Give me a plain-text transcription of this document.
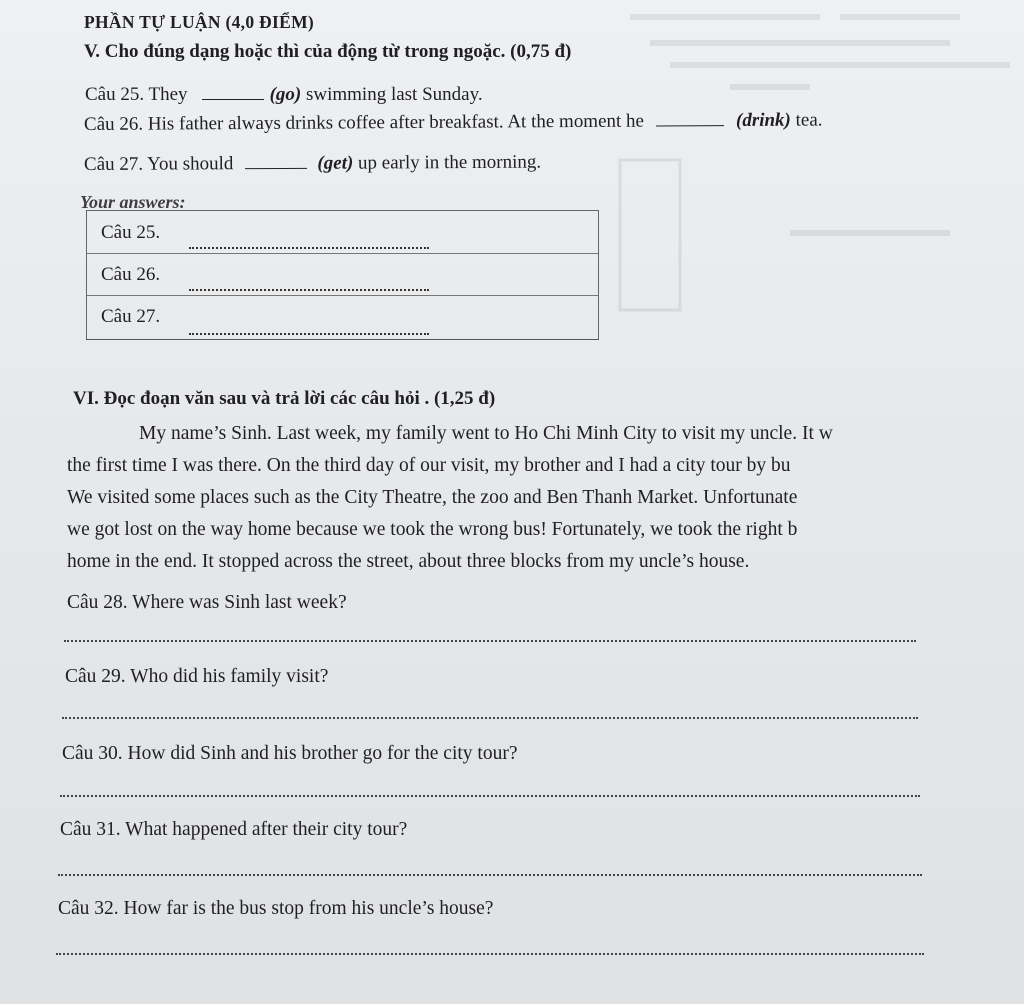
PHẦN TỰ LUẬN (4,0 ĐIỂM)
V. Cho đúng dạng hoặc thì của động từ trong ngoặc. (0,75 đ)
Câu 25. They	(go) swimming last Sunday.
Câu 26. His father always drinks coffee after breakfast. At the moment he	(drink) tea.
Câu 27. You should	(get) up early in the morning.
Your answers:
Câu 25.
Câu 26.
Câu 27.
VI. Đọc đoạn văn sau và trả lời các câu hỏi . (1,25 đ)
My name’s Sinh. Last week, my family went to Ho Chi Minh City to visit my uncle. It w
the first time I was there. On the third day of our visit, my brother and I had a city tour by bu
We visited some places such as the City Theatre, the zoo and Ben Thanh Market. Unfortunate
we got lost on the way home because we took the wrong bus! Fortunately, we took the right b
home in the end. It stopped across the street, about three blocks from my uncle’s house.
Câu 28. Where was Sinh last week?
Câu 29. Who did his family visit?
Câu 30. How did Sinh and his brother go for the city tour?
Câu 31. What happened after their city tour?
Câu 32. How far is the bus stop from his uncle’s house?
